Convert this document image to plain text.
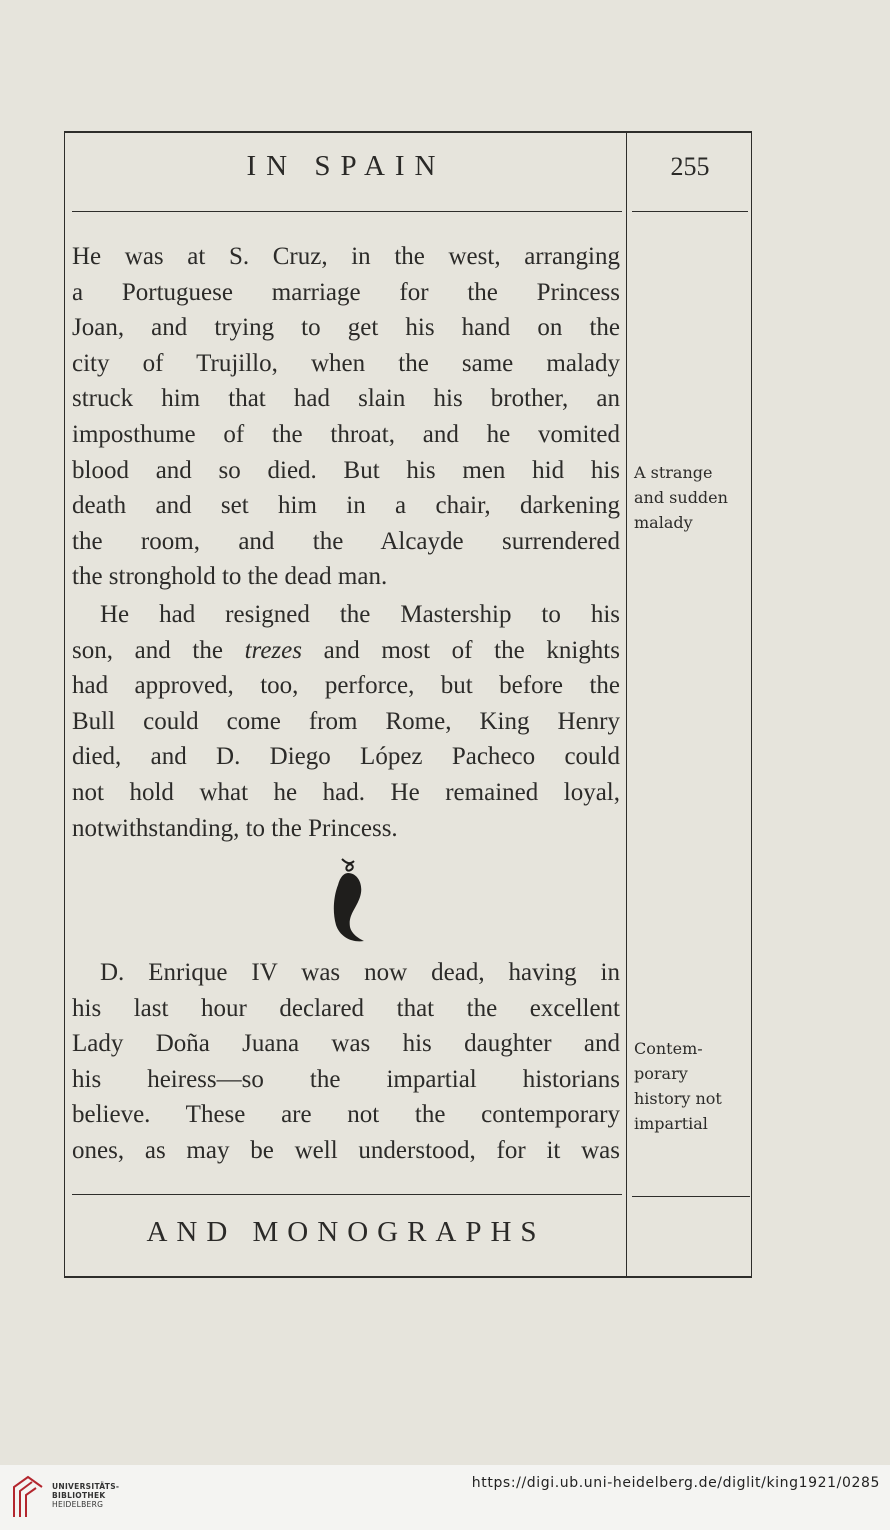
IN SPAIN	255
He was at S. Cruz, in the west, arranging
a Portuguese marriage for the Princess
Joan, and trying to get his hand on the
city of Trujillo, when the same malady
struck him that had slain his brother, an
imposthume of the throat, and he vomited
blood and so died. But his men hid his
death and set him in a chair, darkening
the room, and the Alcayde surrendered
the stronghold to the dead man.
He had resigned the Mastership to his
son, and the trezes and most of the knights
had approved, too, perforce, but before the
Bull could come from Rome, King Henry
died, and D. Diego López Pacheco could
not hold what he had. He remained loyal,
notwithstanding, to the Princess.
D. Enrique IV was now dead, having in
his last hour declared that the excellent
Lady Doña Juana was his daughter and
his heiress—so the impartial historians
believe. These are not the contemporary
ones, as may be well understood, for it was
A strange
and sudden
malady
Contem-
porary
history not
impartial
AND MONOGRAPHS
UNIVERSITÄTS-
BIBLIOTHEK
HEIDELBERG
https://digi.ub.uni-heidelberg.de/diglit/king1921/0285
